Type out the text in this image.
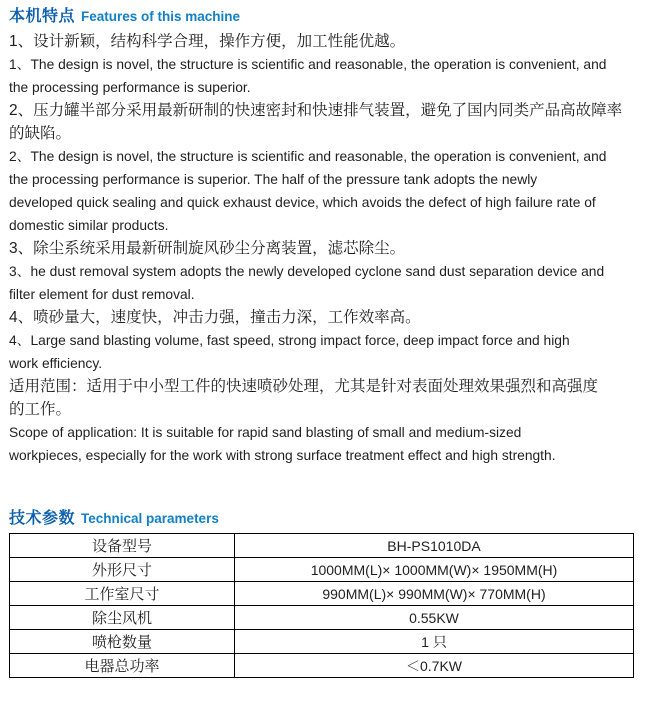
本机特点 Features of this machine
1、设计新颖，结构科学合理，操作方便，加工性能优越。
1、The design is novel, the structure is scientific and reasonable, the operation is convenient, and
the processing performance is superior.
2、压力罐半部分采用最新研制的快速密封和快速排气装置，避免了国内同类产品高故障率
的缺陷。
2、The design is novel, the structure is scientific and reasonable, the operation is convenient, and
the processing performance is superior. The half of the pressure tank adopts the newly
developed quick sealing and quick exhaust device, which avoids the defect of high failure rate of
domestic similar products.
3、除尘系统采用最新研制旋风砂尘分离装置，滤芯除尘。
3、he dust removal system adopts the newly developed cyclone sand dust separation device and
filter element for dust removal.
4、喷砂量大，速度快，冲击力强，撞击力深，工作效率高。
4、Large sand blasting volume, fast speed, strong impact force, deep impact force and high
work efficiency.
适用范围：适用于中小型工件的快速喷砂处理，尤其是针对表面处理效果强烈和高强度
的工作。
Scope of application: It is suitable for rapid sand blasting of small and medium-sized
workpieces, especially for the work with strong surface treatment effect and high strength.
技术参数 Technical parameters
设备型号	BH-PS1010DA
外形尺寸	1000MM(L)× 1000MM(W)× 1950MM(H)
工作室尺寸	990MM(L)× 990MM(W)× 770MM(H)
除尘风机	0.55KW
喷枪数量	1 只
电器总功率	＜0.7KW
